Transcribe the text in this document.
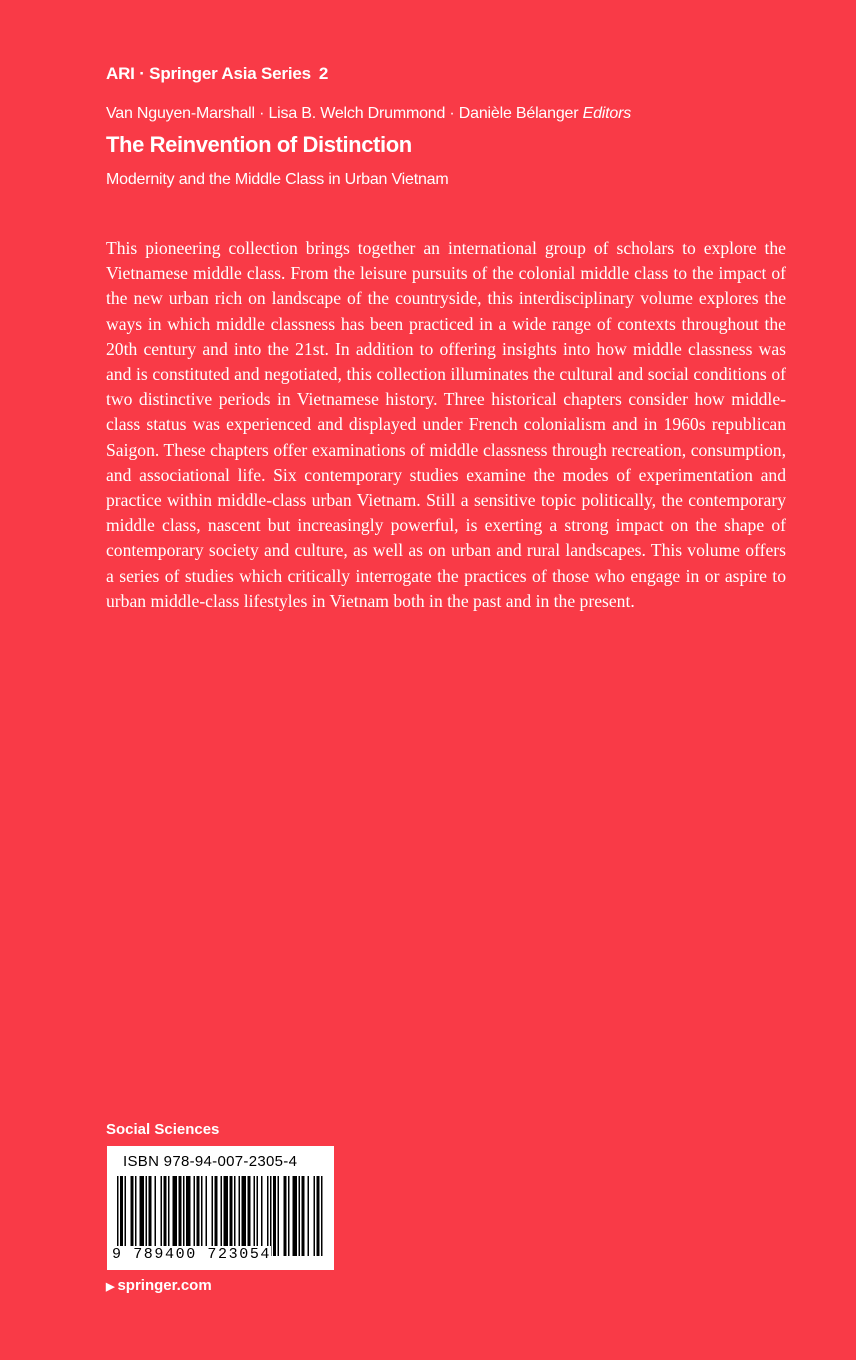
ARI · Springer Asia Series 2
Van Nguyen-Marshall · Lisa B. Welch Drummond · Danièle Bélanger Editors
The Reinvention of Distinction
Modernity and the Middle Class in Urban Vietnam

This pioneering collection brings together an international group of scholars to explore the Vietnamese middle class. From the leisure pursuits of the colonial middle class to the impact of the new urban rich on landscape of the countryside, this interdisciplinary volume explores the ways in which middle classness has been practiced in a wide range of contexts throughout the 20th century and into the 21st. In addition to offering insights into how middle classness was and is constituted and negotiated, this collection illuminates the cultural and social conditions of two distinctive periods in Vietnamese history. Three historical chapters consider how middle-class status was experienced and displayed under French colonialism and in 1960s republican Saigon. These chapters offer examinations of middle classness through recreation, consumption, and associational life. Six contemporary studies examine the modes of experimentation and practice within middle-class urban Vietnam. Still a sensitive topic politically, the contemporary middle class, nascent but increasingly powerful, is exerting a strong impact on the shape of contemporary society and culture, as well as on urban and rural landscapes. This volume offers a series of studies which critically interrogate the practices of those who engage in or aspire to urban middle-class lifestyles in Vietnam both in the past and in the present.

Social Sciences
ISBN 978-94-007-2305-4
9 789400 723054
▶ springer.com
